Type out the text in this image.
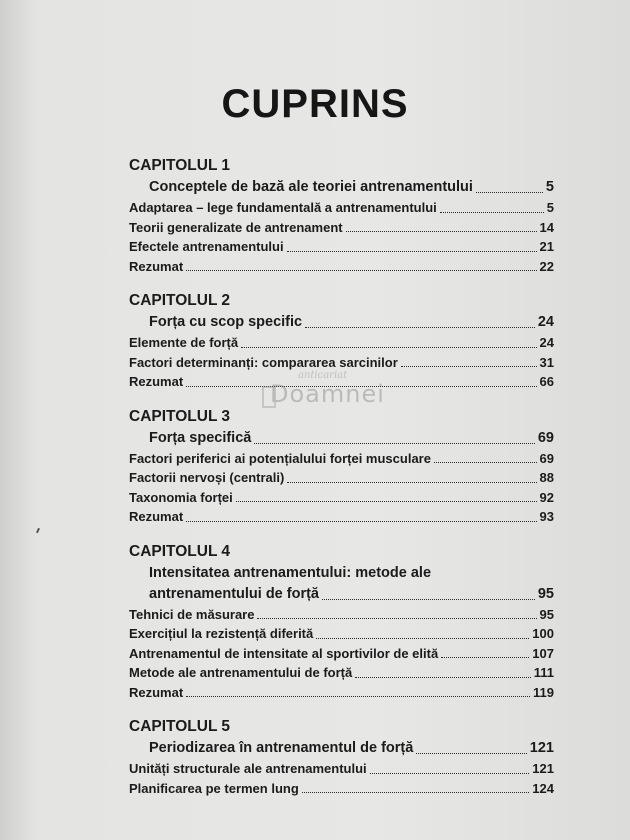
CUPRINS
CAPITOLUL 1
Conceptele de bază ale teoriei antrenamentului	5
Adaptarea – lege fundamentală a antrenamentului	5
Teorii generalizate de antrenament	14
Efectele antrenamentului	21
Rezumat	22
CAPITOLUL 2
Forța cu scop specific	24
Elemente de forță	24
Factori determinanți: compararea sarcinilor	31
Rezumat	66
CAPITOLUL 3
Forța specifică	69
Factori periferici ai potențialului forței musculare	69
Factorii nervoși (centrali)	88
Taxonomia forței	92
Rezumat	93
CAPITOLUL 4
Intensitatea antrenamentului: metode ale
antrenamentului de forță	95
Tehnici de măsurare	95
Exercițiul la rezistență diferită	100
Antrenamentul de intensitate al sportivilor de elită	107
Metode ale antrenamentului de forță	111
Rezumat	119
CAPITOLUL 5
Periodizarea în antrenamentul de forță	121
Unități structurale ale antrenamentului	121
Planificarea pe termen lung	124
anticariat
Doamnei
